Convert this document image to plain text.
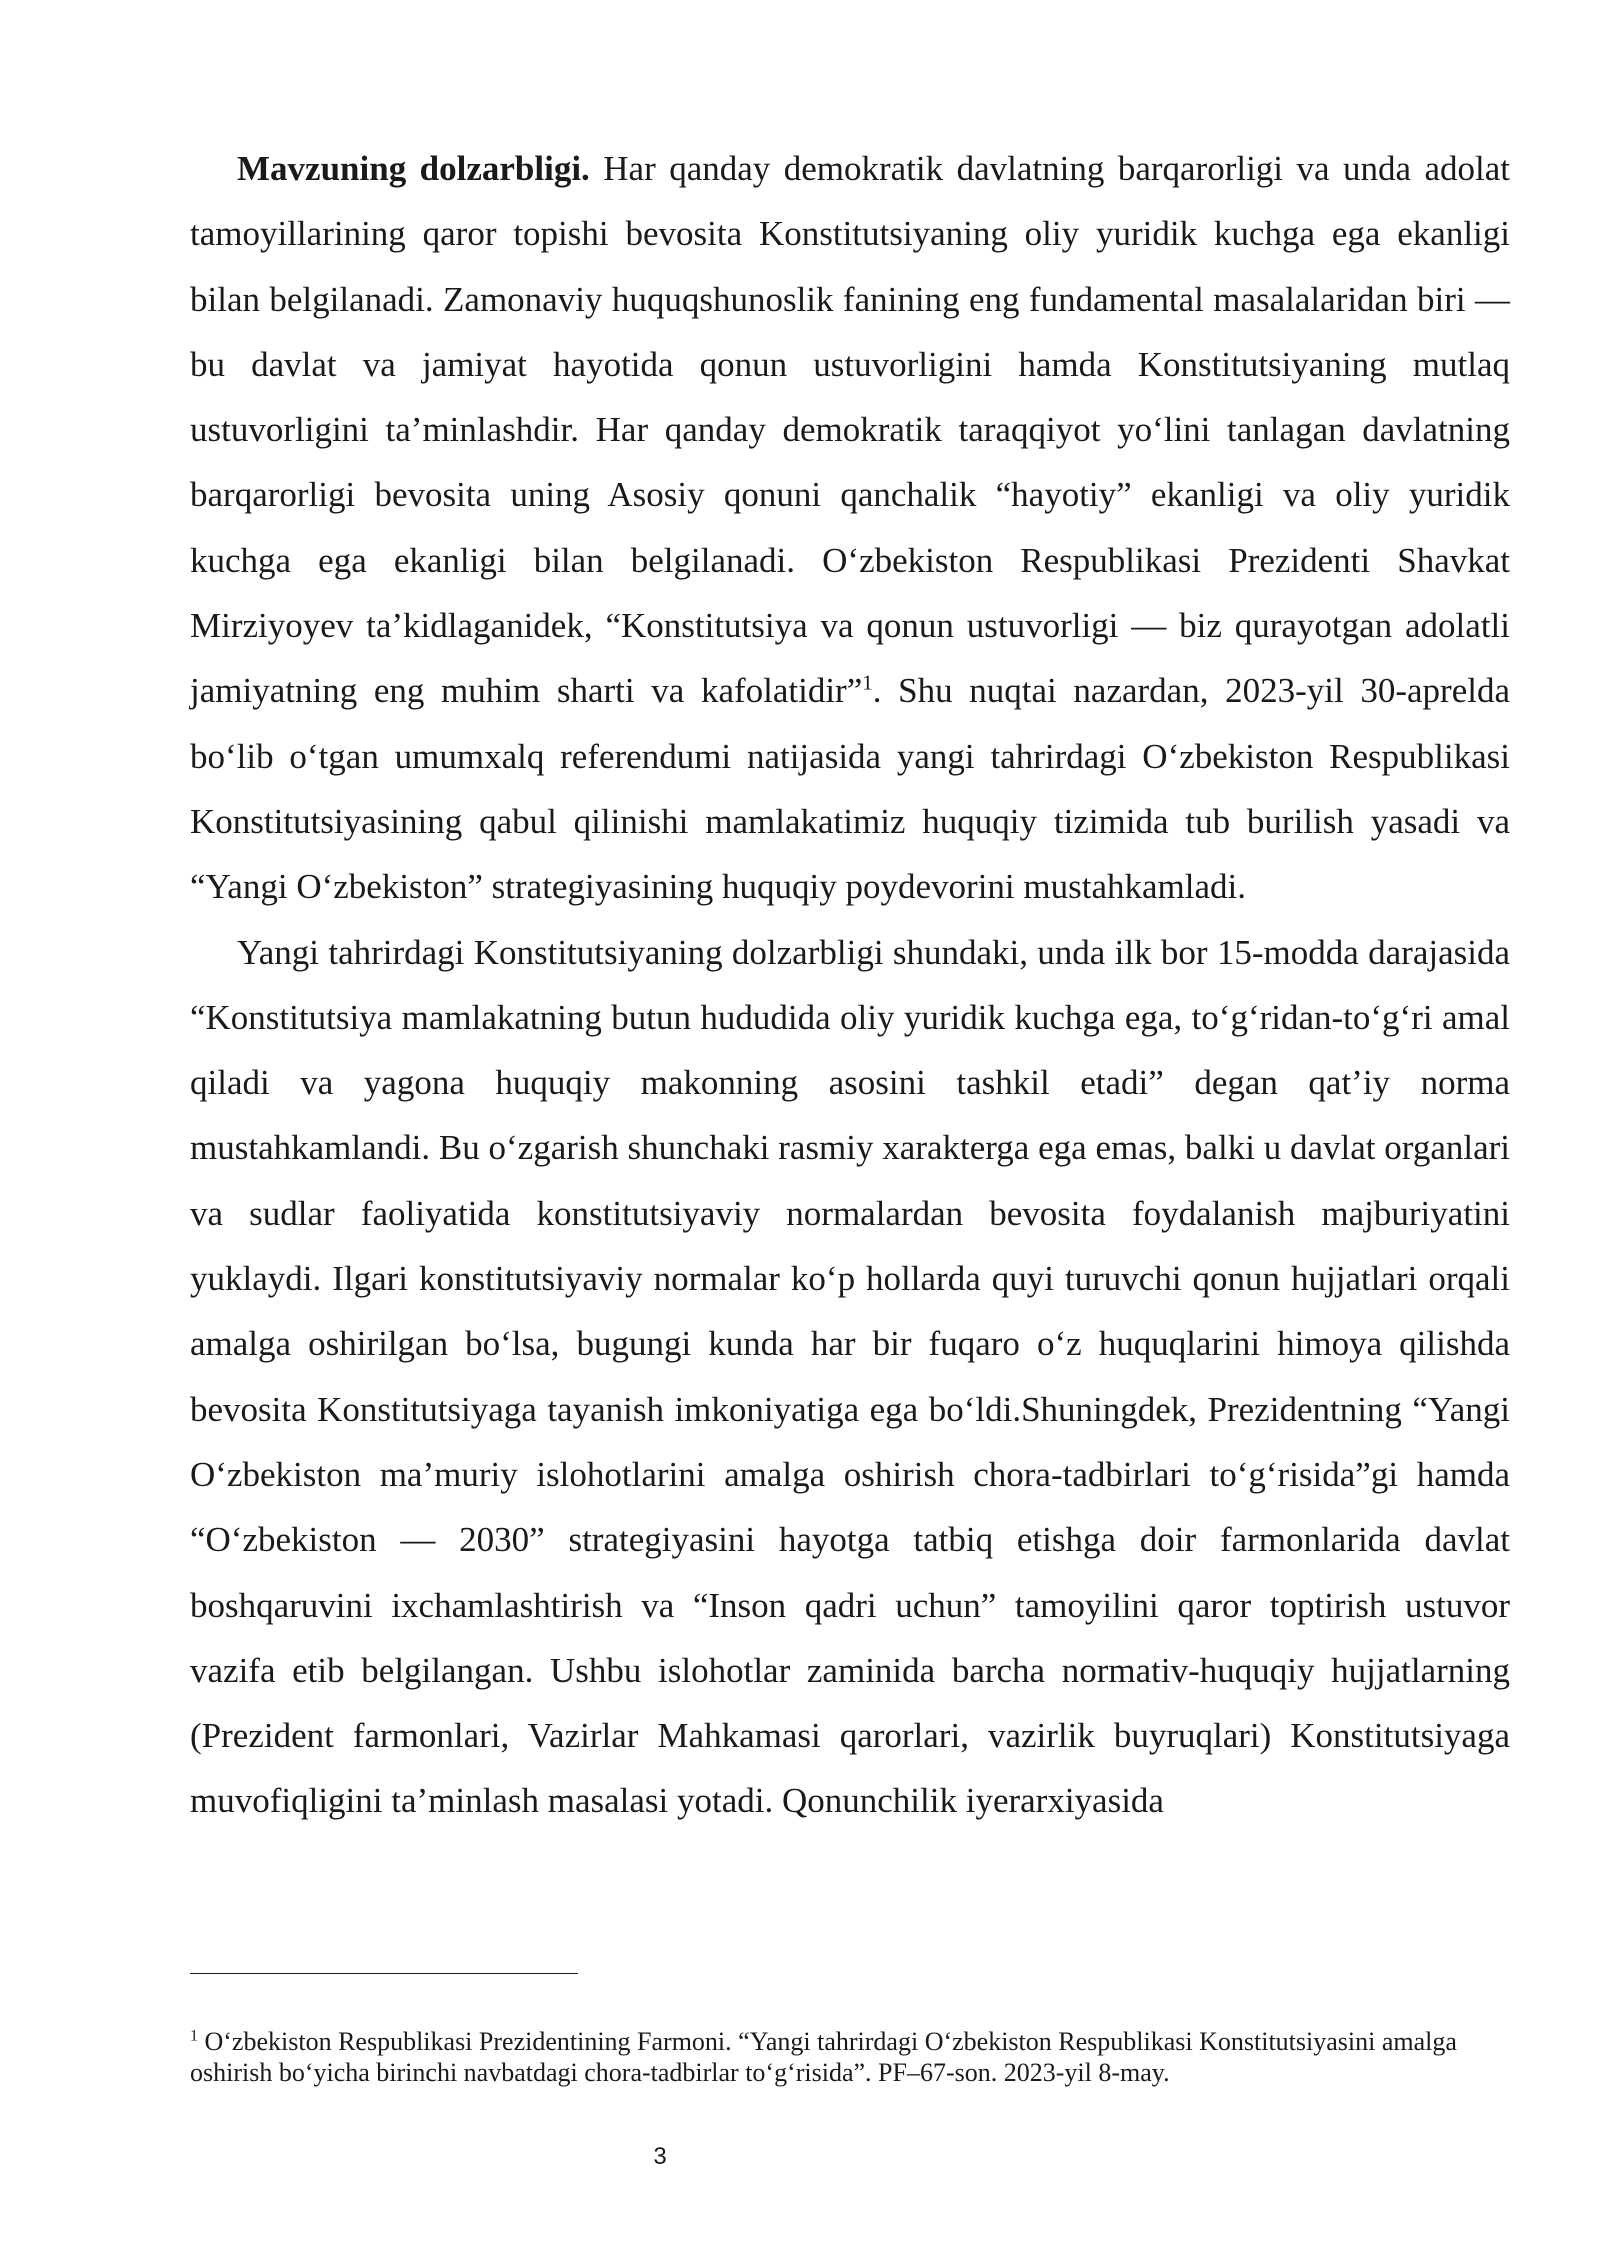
Mavzuning dolzarbligi. Har qanday demokratik davlatning barqarorligi va unda adolat tamoyillarining qaror topishi bevosita Konstitutsiyaning oliy yuridik kuchga ega ekanligi bilan belgilanadi. Zamonaviy huquqshunoslik fanining eng fundamental masalalaridan biri — bu davlat va jamiyat hayotida qonun ustuvorligini hamda Konstitutsiyaning mutlaq ustuvorligini ta’minlashdir. Har qanday demokratik taraqqiyot yo‘lini tanlagan davlatning barqarorligi bevosita uning Asosiy qonuni qanchalik “hayotiy” ekanligi va oliy yuridik kuchga ega ekanligi bilan belgilanadi. O‘zbekiston Respublikasi Prezidenti Shavkat Mirziyoyev ta’kidlaganidek, “Konstitutsiya va qonun ustuvorligi — biz qurayotgan adolatli jamiyatning eng muhim sharti va kafolatidir”$^1$. Shu nuqtai nazardan, 2023-yil 30-aprelda bo‘lib o‘tgan umumxalq referendumi natijasida yangi tahrirdagi O‘zbekiston Respublikasi Konstitutsiyasining qabul qilinishi mamlakatimiz huquqiy tizimida tub burilish yasadi va “Yangi O‘zbekiston” strategiyasining huquqiy poydevorini mustahkamladi.

Yangi tahrirdagi Konstitutsiyaning dolzarbligi shundaki, unda ilk bor 15-modda darajasida “Konstitutsiya mamlakatning butun hududida oliy yuridik kuchga ega, to‘g‘ridan-to‘g‘ri amal qiladi va yagona huquqiy makonning asosini tashkil etadi” degan qat’iy norma mustahkamlandi. Bu o‘zgarish shunchaki rasmiy xarakterga ega emas, balki u davlat organlari va sudlar faoliyatida konstitutsiyaviy normalardan bevosita foydalanish majburiyatini yuklaydi. Ilgari konstitutsiyaviy normalar ko‘p hollarda quyi turuvchi qonun hujjatlari orqali amalga oshirilgan bo‘lsa, bugungi kunda har bir fuqaro o‘z huquqlarini himoya qilishda bevosita Konstitutsiyaga tayanish imkoniyatiga ega bo‘ldi.Shuningdek, Prezidentning “Yangi O‘zbekiston ma’muriy islohotlarini amalga oshirish chora-tadbirlari to‘g‘risida”gi hamda “O‘zbekiston — 2030” strategiyasini hayotga tatbiq etishga doir farmonlarida davlat boshqaruvini ixchamlashtirish va “Inson qadri uchun” tamoyilini qaror toptirish ustuvor vazifa etib belgilangan. Ushbu islohotlar zaminida barcha normativ-huquqiy hujjatlarning (Prezident farmonlari, Vazirlar Mahkamasi qarorlari, vazirlik buyruqlari) Konstitutsiyaga muvofiqligini ta’minlash masalasi yotadi. Qonunchilik iyerarxiyasida

$^1$ O‘zbekiston Respublikasi Prezidentining Farmoni. “Yangi tahrirdagi O‘zbekiston Respublikasi Konstitutsiyasini amalga oshirish bo‘yicha birinchi navbatdagi chora-tadbirlar to‘g‘risida”. PF–67-son. 2023-yil 8-may.
3
